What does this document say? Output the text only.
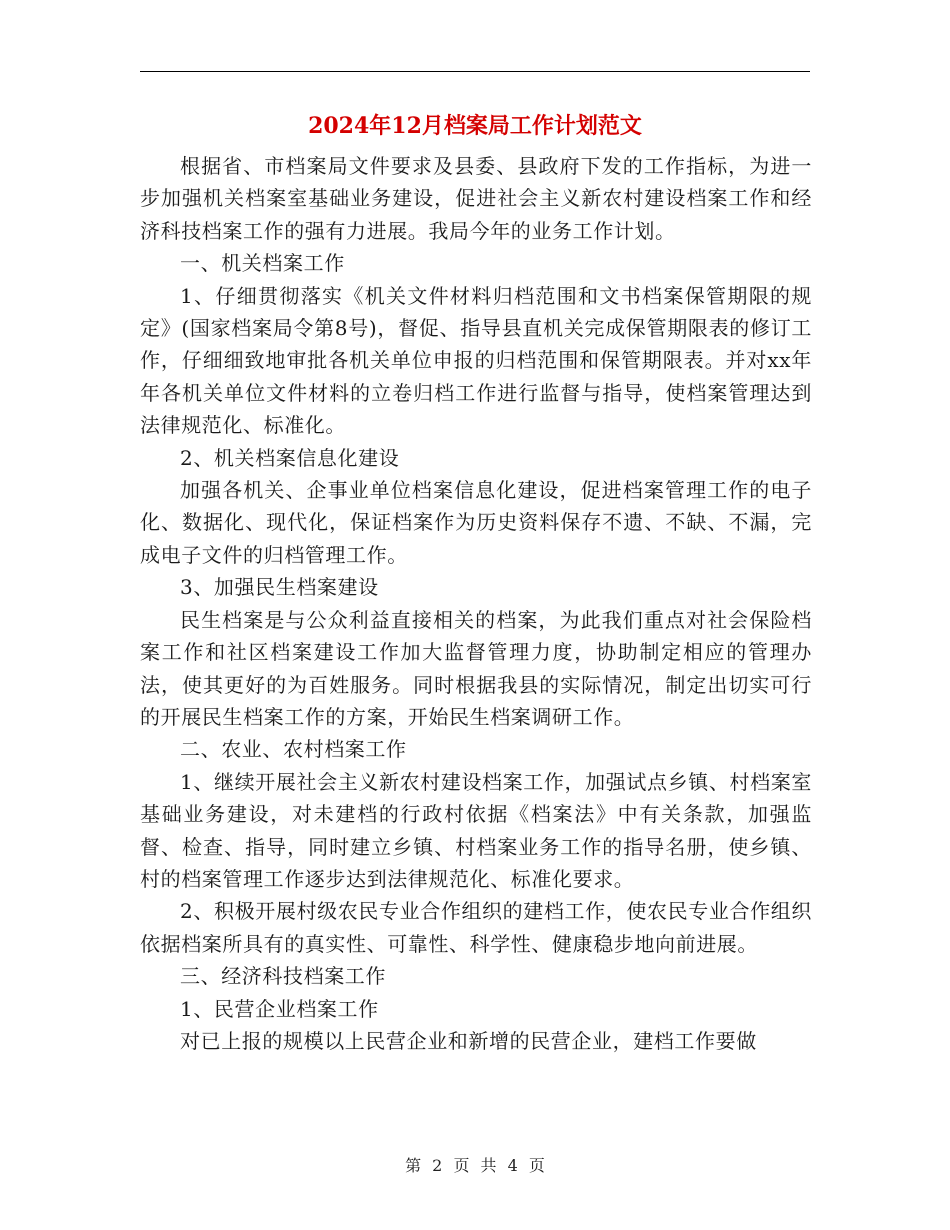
2024年12月档案局工作计划范文

根据省、市档案局文件要求及县委、县政府下发的工作指标，为进一步加强机关档案室基础业务建设，促进社会主义新农村建设档案工作和经济科技档案工作的强有力进展。我局今年的业务工作计划。

一、机关档案工作

1、仔细贯彻落实《机关文件材料归档范围和文书档案保管期限的规定》(国家档案局令第8号)，督促、指导县直机关完成保管期限表的修订工作，仔细细致地审批各机关单位申报的归档范围和保管期限表。并对xx年年各机关单位文件材料的立卷归档工作进行监督与指导，使档案管理达到法律规范化、标准化。

2、机关档案信息化建设

加强各机关、企事业单位档案信息化建设，促进档案管理工作的电子化、数据化、现代化，保证档案作为历史资料保存不遗、不缺、不漏，完成电子文件的归档管理工作。

3、加强民生档案建设

民生档案是与公众利益直接相关的档案，为此我们重点对社会保险档案工作和社区档案建设工作加大监督管理力度，协助制定相应的管理办法，使其更好的为百姓服务。同时根据我县的实际情况，制定出切实可行的开展民生档案工作的方案，开始民生档案调研工作。

二、农业、农村档案工作

1、继续开展社会主义新农村建设档案工作，加强试点乡镇、村档案室基础业务建设，对未建档的行政村依据《档案法》中有关条款，加强监督、检查、指导，同时建立乡镇、村档案业务工作的指导名册，使乡镇、村的档案管理工作逐步达到法律规范化、标准化要求。

2、积极开展村级农民专业合作组织的建档工作，使农民专业合作组织依据档案所具有的真实性、可靠性、科学性、健康稳步地向前进展。

三、经济科技档案工作

1、民营企业档案工作

对已上报的规模以上民营企业和新增的民营企业，建档工作要做

第 2 页 共 4 页
